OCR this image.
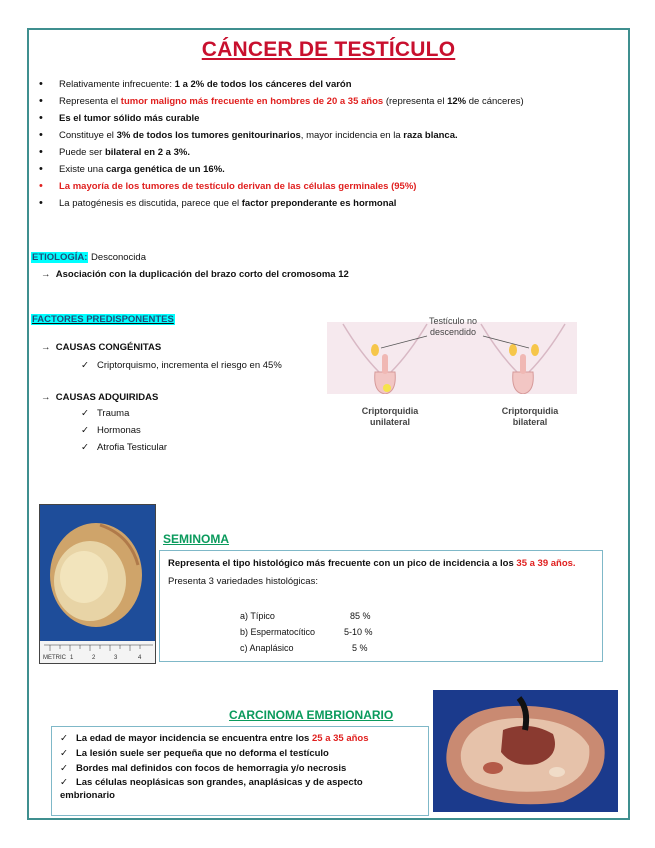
CÁNCER DE TESTÍCULO
• Relativamente infrecuente: 1 a 2% de todos los cánceres del varón
• Representa el tumor maligno más frecuente en hombres de 20 a 35 años (representa el 12% de cánceres)
• Es el tumor sólido más curable
• Constituye el 3% de todos los tumores genitourinarios, mayor incidencia en la raza blanca.
• Puede ser bilateral en 2 a 3%.
• Existe una carga genética de un 16%.
• La mayoría de los tumores de testículo derivan de las células germinales (95%)
• La patogénesis es discutida, parece que el factor preponderante es hormonal
ETIOLOGÍA: Desconocida
→ Asociación con la duplicación del brazo corto del cromosoma 12
FACTORES PREDISPONENTES
→ CAUSAS CONGÉNITAS
✓ Criptorquismo, incrementa el riesgo en 45%
→ CAUSAS ADQUIRIDAS
✓ Trauma
✓ Hormonas
✓ Atrofia Testicular
Testículo no descendido
Criptorquidia
unilateral
Criptorquidia
bilateral
METRIC 1	2	3	4
SEMINOMA

Representa el tipo histológico más frecuente con un pico de incidencia a los 35 a 39 años.

Presenta 3 variedades histológicas:

a) Típico	85 %
b) Espermatocítico	5-10 %
c) Anaplásico	5 %
CARCINOMA EMBRIONARIO
✓ La edad de mayor incidencia se encuentra entre los 25 a 35 años
✓ La lesión suele ser pequeña que no deforma el testículo
✓ Bordes mal definidos con focos de hemorragia y/o necrosis
✓ Las células neoplásicas son grandes, anaplásicas y de aspecto embrionario
